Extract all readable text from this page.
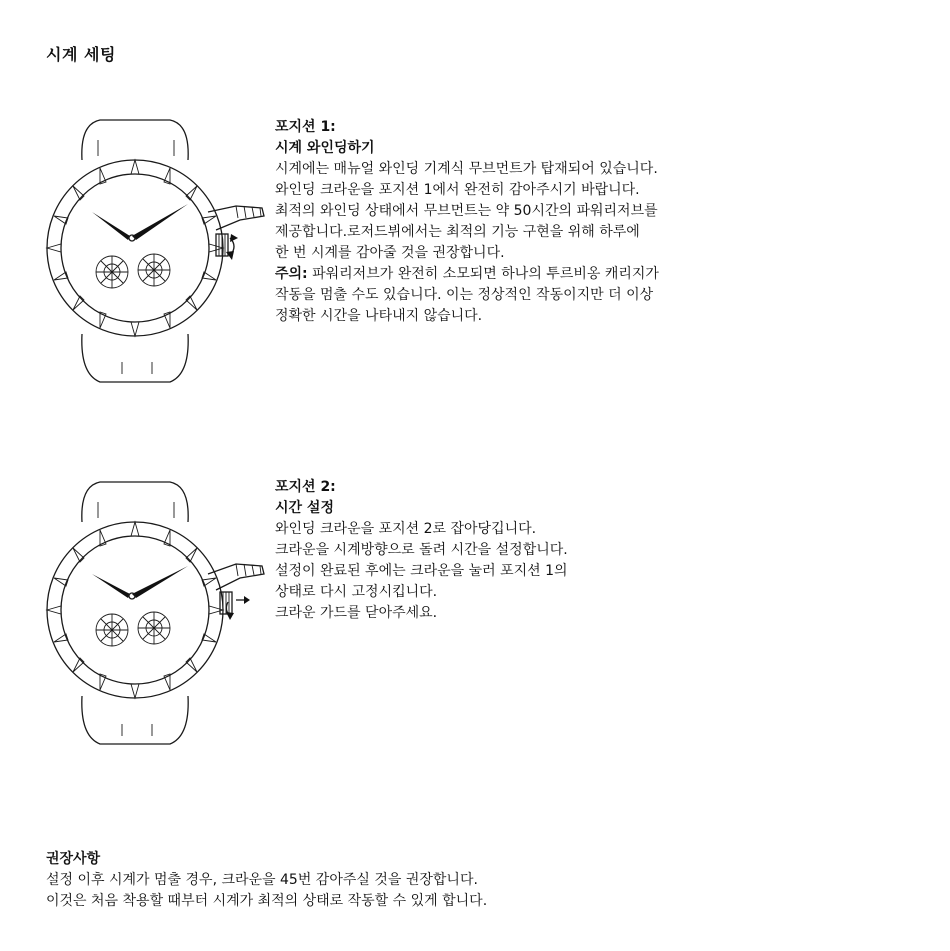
시계 세팅
포지션 1:
시계 와인딩하기
시계에는 매뉴얼 와인딩 기계식 무브먼트가 탑재되어 있습니다.
와인딩 크라운을 포지션 1에서 완전히 감아주시기 바랍니다.
최적의 와인딩 상태에서 무브먼트는 약 50시간의 파워리저브를
제공합니다.로저드뷔에서는 최적의 기능 구현을 위해 하루에
한 번 시계를 감아줄 것을 권장합니다.
주의: 파워리저브가 완전히 소모되면 하나의 투르비옹 캐리지가
작동을 멈출 수도 있습니다. 이는 정상적인 작동이지만 더 이상
정확한 시간을 나타내지 않습니다.
포지션 2:
시간 설정
와인딩 크라운을 포지션 2로 잡아당깁니다.
크라운을 시계방향으로 돌려 시간을 설정합니다.
설정이 완료된 후에는 크라운을 눌러 포지션 1의
상태로 다시 고정시킵니다.
크라운 가드를 닫아주세요.
권장사항
설정 이후 시계가 멈출 경우, 크라운을 45번 감아주실 것을 권장합니다.
이것은 처음 착용할 때부터 시계가 최적의 상태로 작동할 수 있게 합니다.
